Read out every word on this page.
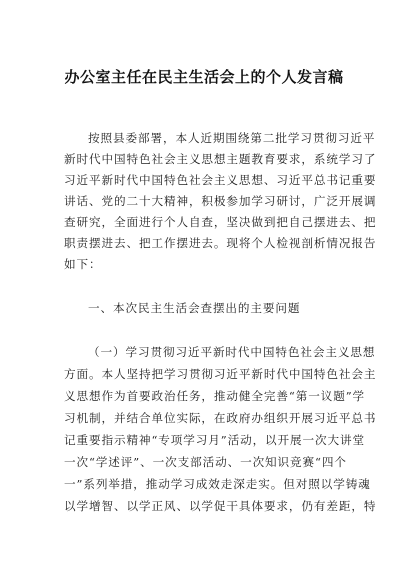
办公室主任在民主生活会上的个人发言稿
按照县委部署，本人近期围绕第二批学习贯彻习近平
新时代中国特色社会主义思想主题教育要求，系统学习了
习近平新时代中国特色社会主义思想、习近平总书记重要
讲话、党的二十大精神，积极参加学习研讨，广泛开展调
查研究，全面进行个人自查，坚决做到把自己摆进去、把
职责摆进去、把工作摆进去。现将个人检视剖析情况报告
如下：
一、本次民主生活会查摆出的主要问题
（一）学习贯彻习近平新时代中国特色社会主义思想
方面。本人坚持把学习贯彻习近平新时代中国特色社会主
义思想作为首要政治任务，推动健全完善“第一议题”学
习机制，并结合单位实际，在政府办组织开展习近平总书
记重要指示精神“专项学习月”活动，以开展一次大讲堂
一次“学述评”、一次支部活动、一次知识竞赛“四个
一”系列举措，推动学习成效走深走实。但对照以学铸魂
以学增智、以学正风、以学促干具体要求，仍有差距，特
